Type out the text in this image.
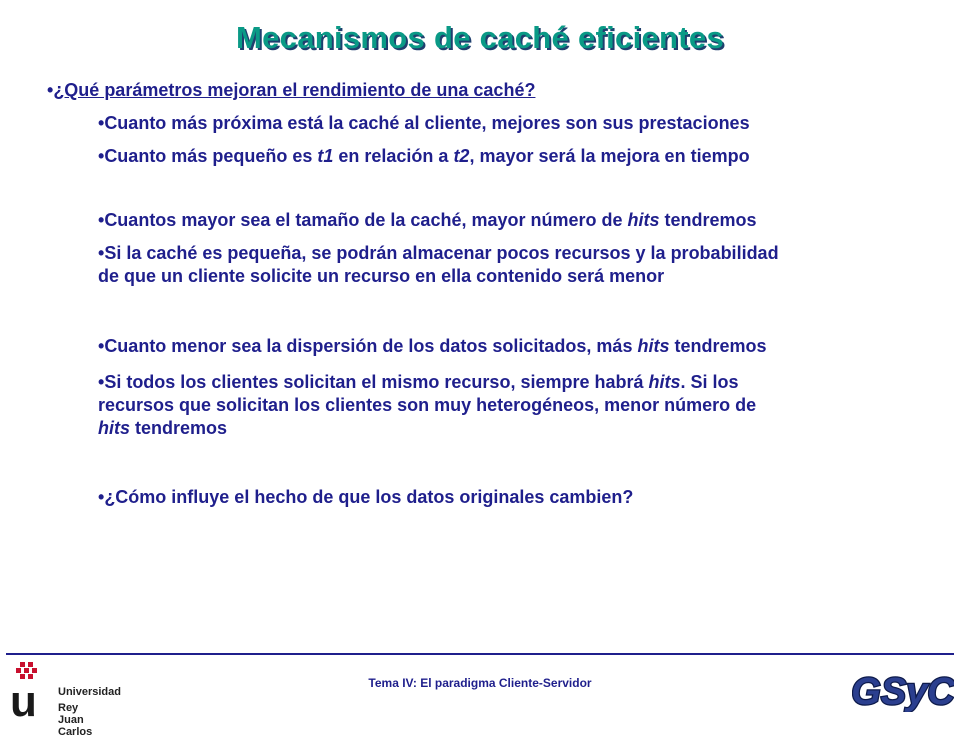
Mecanismos de caché eficientes
•¿Qué parámetros mejoran el rendimiento de una caché?
•Cuanto más próxima está la caché al cliente, mejores son sus prestaciones
•Cuanto más pequeño es t1 en relación a t2, mayor será la mejora en tiempo
•Cuantos mayor sea el tamaño de la caché, mayor número de hits tendremos
•Si la caché es pequeña, se podrán almacenar pocos recursos y la probabilidad
de que un cliente solicite un recurso en ella contenido será menor
•Cuanto menor sea la dispersión de los datos solicitados, más hits tendremos
•Si todos los clientes solicitan el mismo recurso, siempre habrá hits. Si los
recursos que solicitan los clientes son muy heterogéneos, menor número de
hits tendremos
•¿Cómo influye el hecho de que los datos originales cambien?
Tema IV: El paradigma Cliente-Servidor
u Universidad
Rey Juan Carlos
GSyC
